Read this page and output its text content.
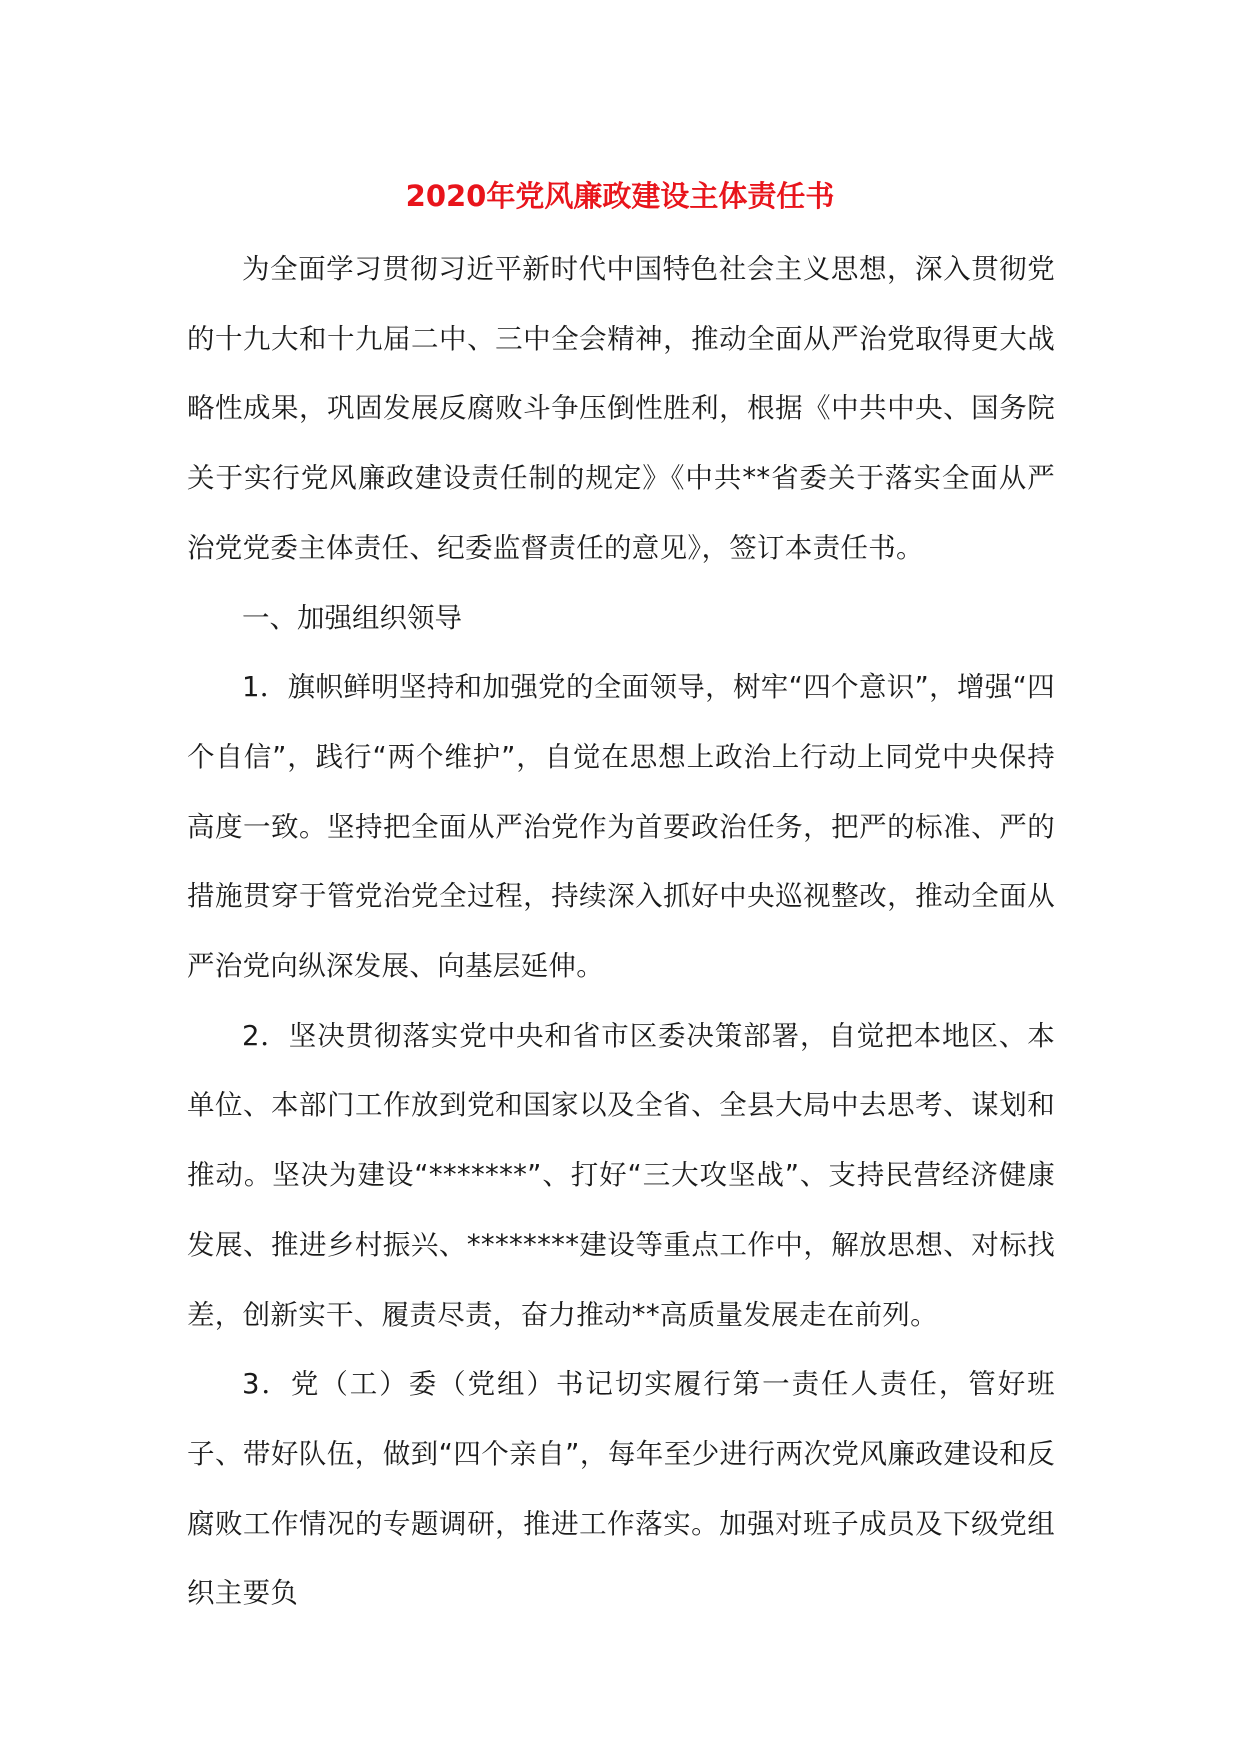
2020年党风廉政建设主体责任书

为全面学习贯彻习近平新时代中国特色社会主义思想，深入贯彻党的十九大和十九届二中、三中全会精神，推动全面从严治党取得更大战略性成果，巩固发展反腐败斗争压倒性胜利，根据《中共中央、国务院关于实行党风廉政建设责任制的规定》《中共**省委关于落实全面从严治党党委主体责任、纪委监督责任的意见》，签订本责任书。

一、加强组织领导

1．旗帜鲜明坚持和加强党的全面领导，树牢“四个意识”，增强“四个自信”，践行“两个维护”，自觉在思想上政治上行动上同党中央保持高度一致。坚持把全面从严治党作为首要政治任务，把严的标准、严的措施贯穿于管党治党全过程，持续深入抓好中央巡视整改，推动全面从严治党向纵深发展、向基层延伸。

2．坚决贯彻落实党中央和省市区委决策部署，自觉把本地区、本单位、本部门工作放到党和国家以及全省、全县大局中去思考、谋划和推动。坚决为建设“*******”、打好“三大攻坚战”、支持民营经济健康发展、推进乡村振兴、********建设等重点工作中，解放思想、对标找差，创新实干、履责尽责，奋力推动**高质量发展走在前列。

3．党（工）委（党组）书记切实履行第一责任人责任，管好班子、带好队伍，做到“四个亲自”，每年至少进行两次党风廉政建设和反腐败工作情况的专题调研，推进工作落实。加强对班子成员及下级党组织主要负
